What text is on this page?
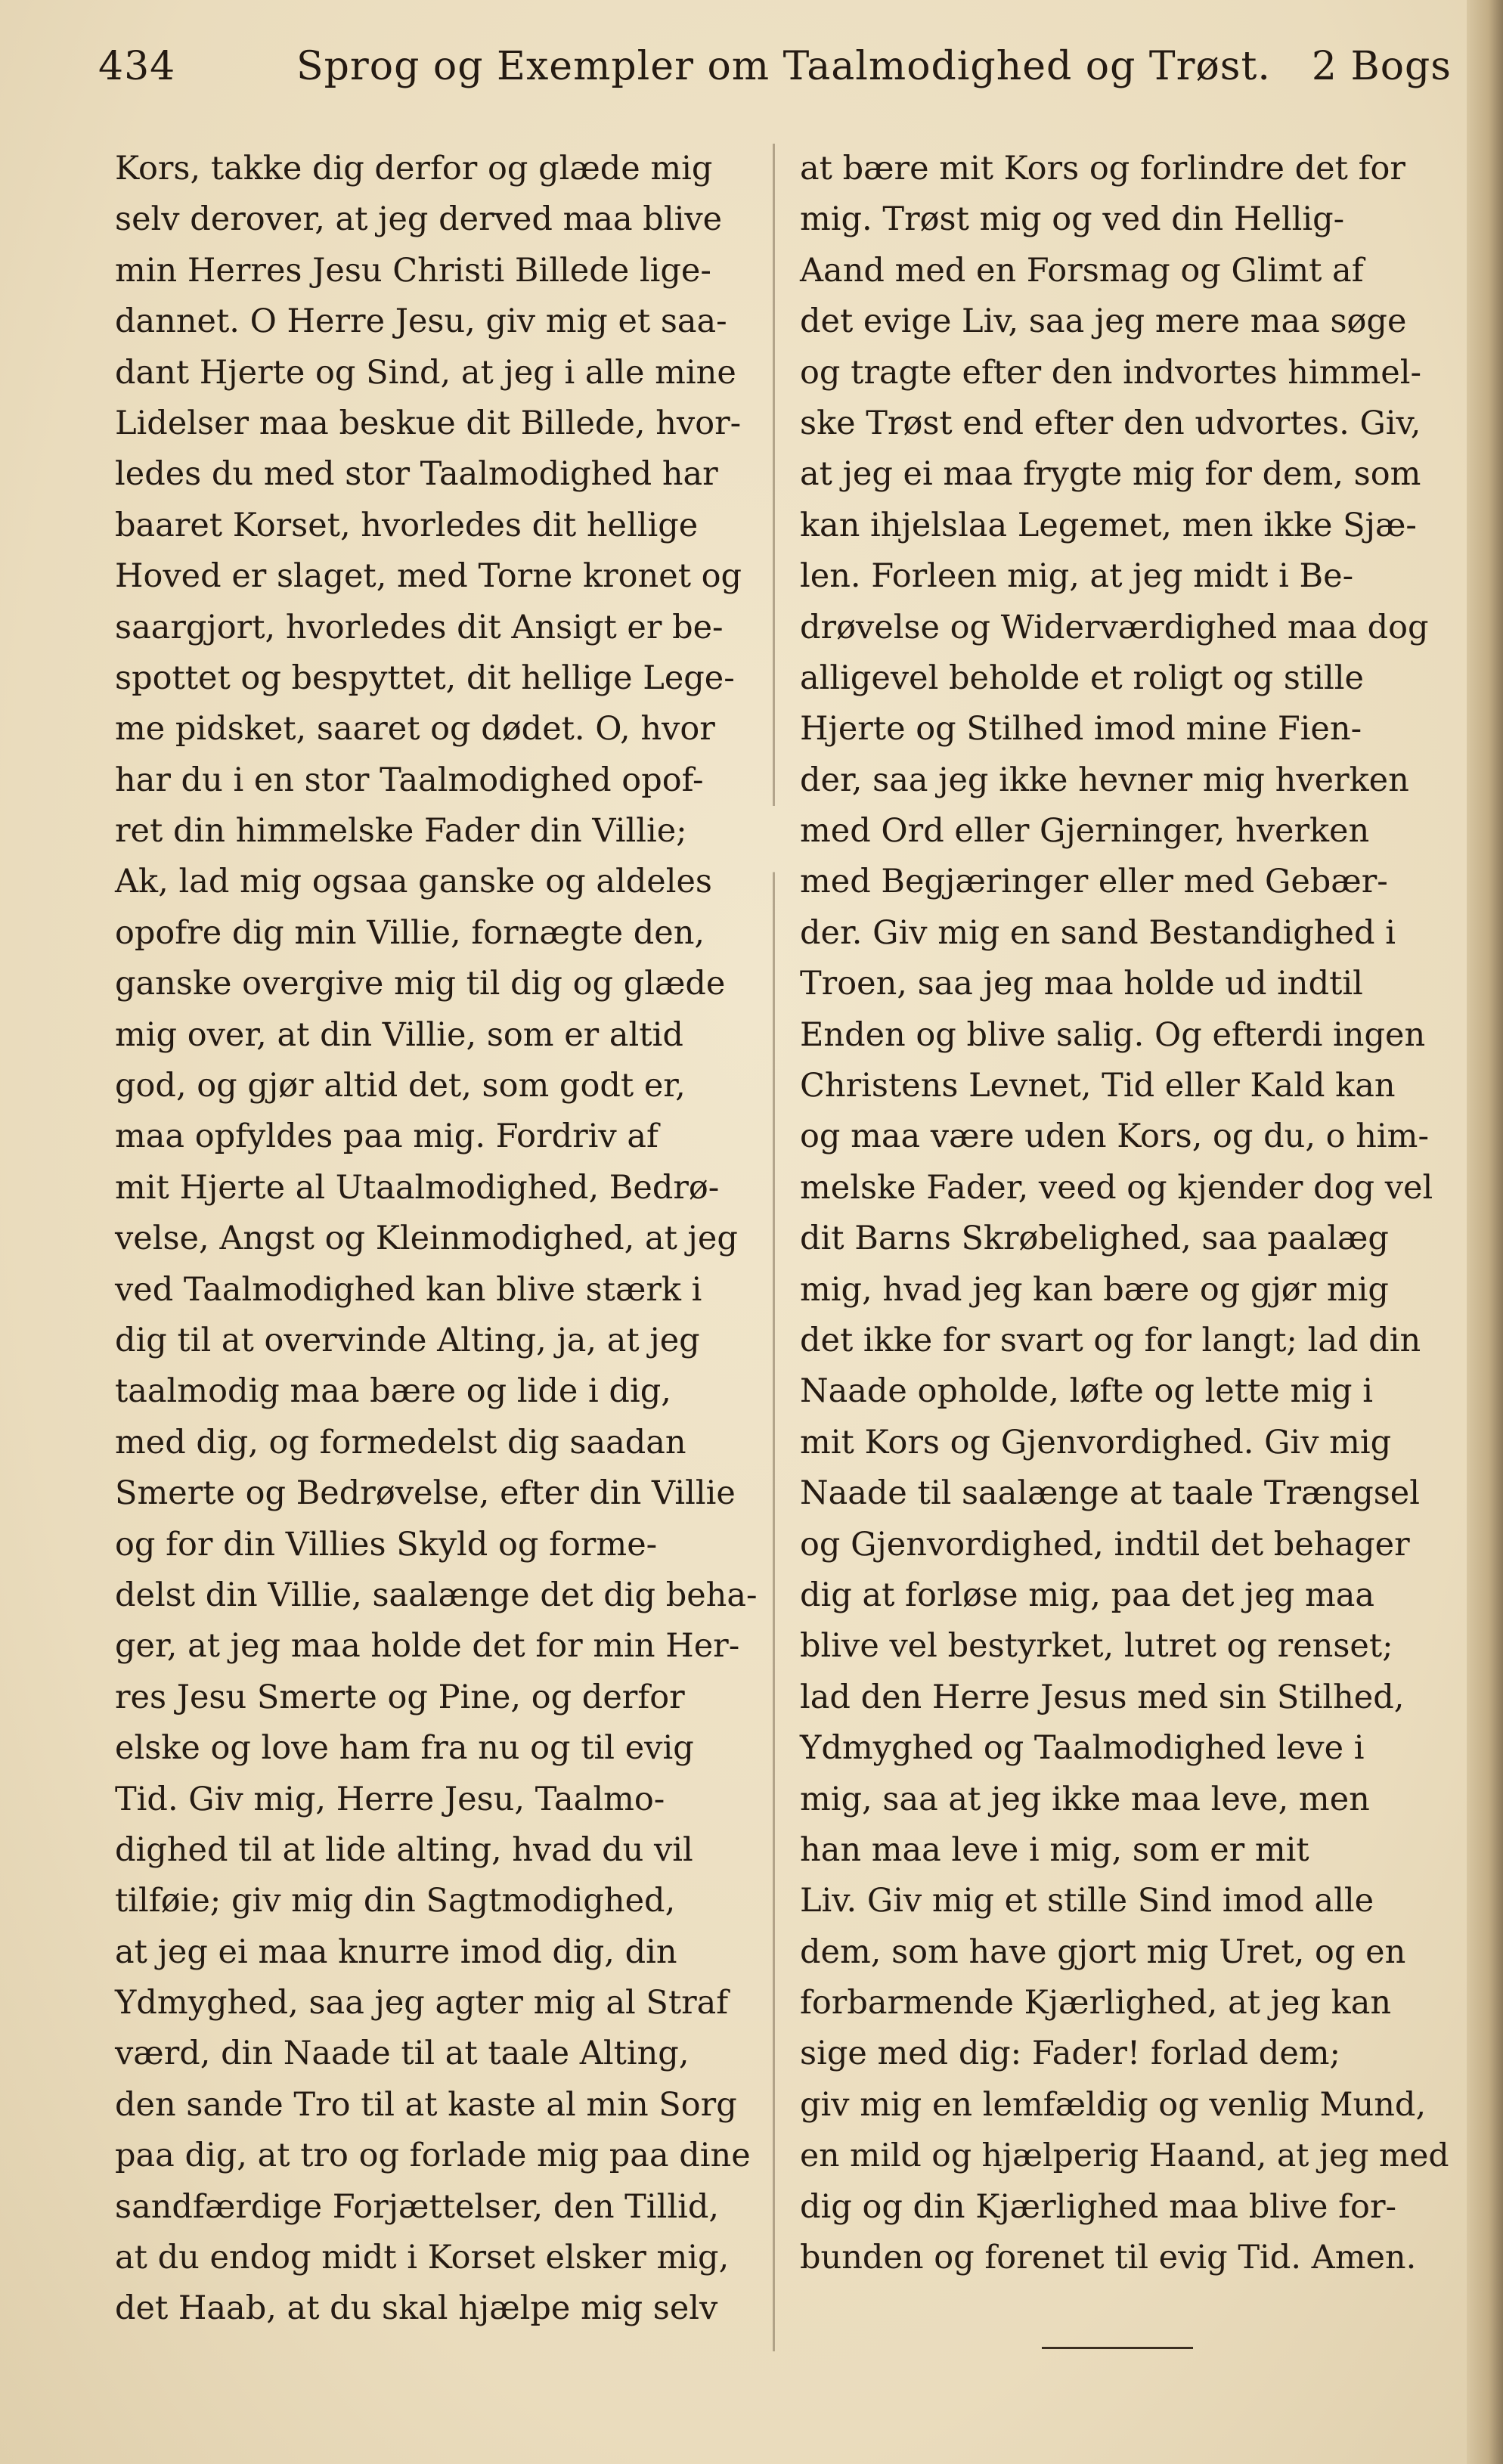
434	Sprog og Exempler om Taalmodighed og Trøst. 2 Bogs
Kors, takke dig derfor og glæde mig
selv derover, at jeg derved maa blive
min Herres Jesu Christi Billede lige-
dannet. O Herre Jesu, giv mig et saa-
dant Hjerte og Sind, at jeg i alle mine
Lidelser maa beskue dit Billede, hvor-
ledes du med stor Taalmodighed har
baaret Korset, hvorledes dit hellige
Hoved er slaget, med Torne kronet og
saargjort, hvorledes dit Ansigt er be-
spottet og bespyttet, dit hellige Lege-
me pidsket, saaret og dødet. O, hvor
har du i en stor Taalmodighed opof-
ret din himmelske Fader din Villie;
Ak, lad mig ogsaa ganske og aldeles
opofre dig min Villie, fornægte den,
ganske overgive mig til dig og glæde
mig over, at din Villie, som er altid
god, og gjør altid det, som godt er,
maa opfyldes paa mig. Fordriv af
mit Hjerte al Utaalmodighed, Bedrø-
velse, Angst og Kleinmodighed, at jeg
ved Taalmodighed kan blive stærk i
dig til at overvinde Alting, ja, at jeg
taalmodig maa bære og lide i dig,
med dig, og formedelst dig saadan
Smerte og Bedrøvelse, efter din Villie
og for din Villies Skyld og forme-
delst din Villie, saalænge det dig beha-
ger, at jeg maa holde det for min Her-
res Jesu Smerte og Pine, og derfor
elske og love ham fra nu og til evig
Tid. Giv mig, Herre Jesu, Taalmo-
dighed til at lide alting, hvad du vil
tilføie; giv mig din Sagtmodighed,
at jeg ei maa knurre imod dig, din
Ydmyghed, saa jeg agter mig al Straf
værd, din Naade til at taale Alting,
den sande Tro til at kaste al min Sorg
paa dig, at tro og forlade mig paa dine
sandfærdige Forjættelser, den Tillid,
at du endog midt i Korset elsker mig,
det Haab, at du skal hjælpe mig selv
at bære mit Kors og forlindre det for
mig. Trøst mig og ved din Hellig-
Aand med en Forsmag og Glimt af
det evige Liv, saa jeg mere maa søge
og tragte efter den indvortes himmel-
ske Trøst end efter den udvortes. Giv,
at jeg ei maa frygte mig for dem, som
kan ihjelslaa Legemet, men ikke Sjæ-
len. Forleen mig, at jeg midt i Be-
drøvelse og Widerværdighed maa dog
alligevel beholde et roligt og stille
Hjerte og Stilhed imod mine Fien-
der, saa jeg ikke hevner mig hverken
med Ord eller Gjerninger, hverken
med Begjæringer eller med Gebær-
der. Giv mig en sand Bestandighed i
Troen, saa jeg maa holde ud indtil
Enden og blive salig. Og efterdi ingen
Christens Levnet, Tid eller Kald kan
og maa være uden Kors, og du, o him-
melske Fader, veed og kjender dog vel
dit Barns Skrøbelighed, saa paalæg
mig, hvad jeg kan bære og gjør mig
det ikke for svart og for langt; lad din
Naade opholde, løfte og lette mig i
mit Kors og Gjenvordighed. Giv mig
Naade til saalænge at taale Trængsel
og Gjenvordighed, indtil det behager
dig at forløse mig, paa det jeg maa
blive vel bestyrket, lutret og renset;
lad den Herre Jesus med sin Stilhed,
Ydmyghed og Taalmodighed leve i
mig, saa at jeg ikke maa leve, men
han maa leve i mig, som er mit
Liv. Giv mig et stille Sind imod alle
dem, som have gjort mig Uret, og en
forbarmende Kjærlighed, at jeg kan
sige med dig: Fader! forlad dem;
giv mig en lemfældig og venlig Mund,
en mild og hjælperig Haand, at jeg med
dig og din Kjærlighed maa blive for-
bunden og forenet til evig Tid. Amen.
